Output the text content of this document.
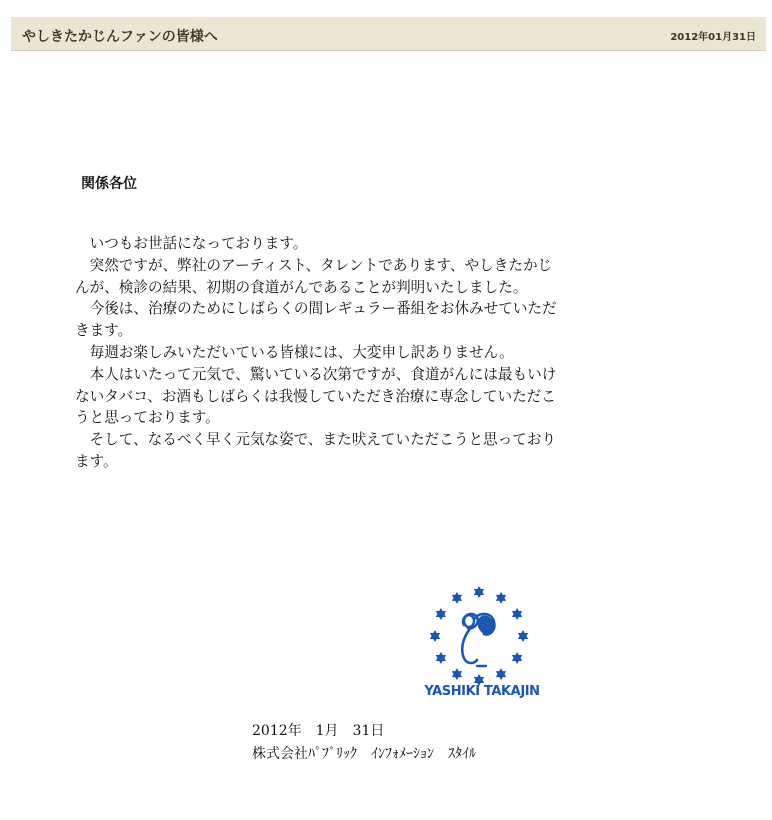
やしきたかじんファンの皆様へ	2012年01月31日
関係各位

　いつもお世話になっております。

　突然ですが、弊社のアーティスト、タレントであります、やしきたかじんが、検診の結果、初期の食道がんであることが判明いたしました。

　今後は、治療のためにしばらくの間レギュラー番組をお休みせていただきます。

　毎週お楽しみいただいている皆様には、大変申し訳ありません。

　本人はいたって元気で、驚いている次第ですが、食道がんには最もいけないタバコ、お酒もしばらくは我慢していただき治療に専念していただこうと思っております。

　そして、なるべく早く元気な姿で、また吠えていただこうと思っております。

YASHIKI TAKAJIN
2012年　1月　31日
株式会社ﾊﾟﾌﾞﾘｯｸ　ｲﾝﾌｫﾒｰｼｮﾝ　ｽﾀｲﾙ
